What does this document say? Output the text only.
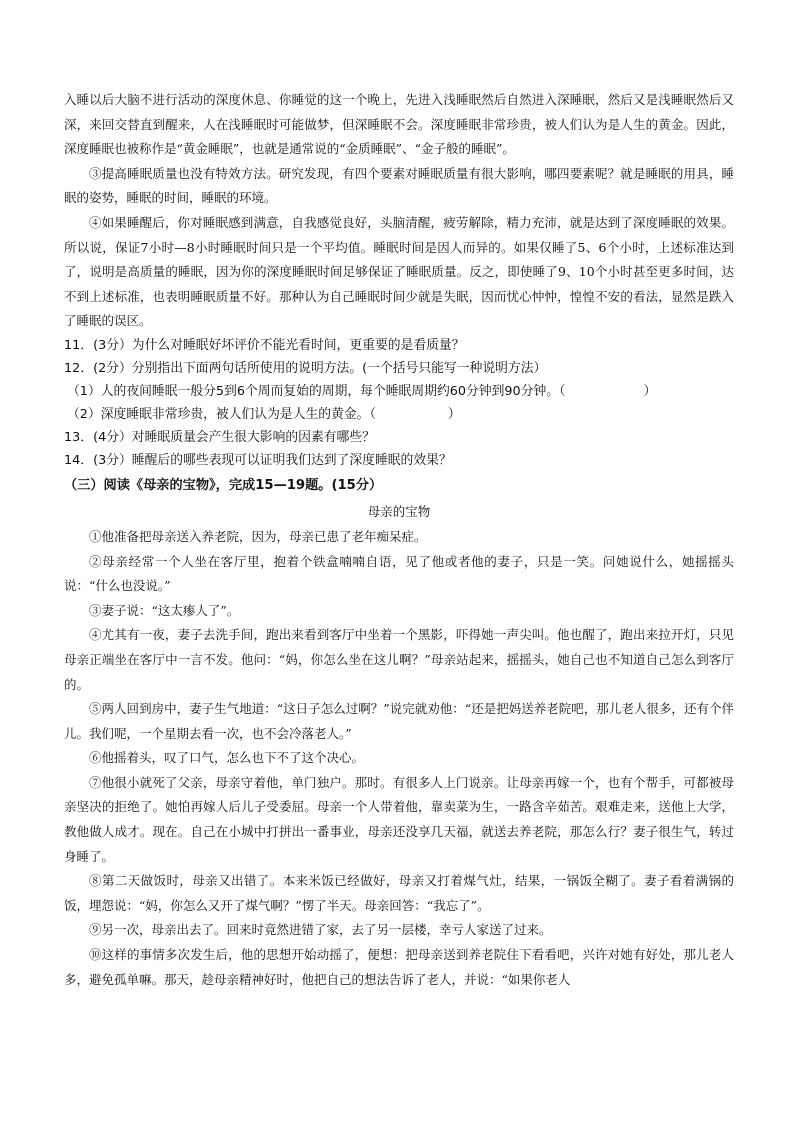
入睡以后大脑不进行活动的深度休息、你睡觉的这一个晚上，先进入浅睡眠然后自然进入深睡眠，然后又是浅睡眠然后又深，来回交替直到醒来，人在浅睡眠时可能做梦，但深睡眠不会。深度睡眠非常珍贵，被人们认为是人生的黄金。因此，深度睡眠也被称作是“黄金睡眠”，也就是通常说的“金质睡眠”、“金子般的睡眠”。

③提高睡眠质量也没有特效方法。研究发现，有四个要素对睡眠质量有很大影响，哪四要素呢？就是睡眠的用具，睡眠的姿势，睡眠的时间，睡眠的环境。

④如果睡醒后，你对睡眠感到满意，自我感觉良好，头脑清醒，疲劳解除，精力充沛，就是达到了深度睡眠的效果。所以说，保证7小时—8小时睡眠时间只是一个平均值。睡眠时间是因人而异的。如果仅睡了5、6个小时，上述标准达到了，说明是高质量的睡眠，因为你的深度睡眠时间足够保证了睡眠质量。反之，即使睡了9、10个小时甚至更多时间，达不到上述标准，也表明睡眠质量不好。那种认为自己睡眠时间少就是失眠，因而忧心忡忡，惶惶不安的看法，显然是跌入了睡眠的误区。

11．(3分）为什么对睡眠好坏评价不能光看时间，更重要的是看质量？
12．(2分）分别指出下面两句话所使用的说明方法。(一个括号只能写一种说明方法）
（1）人的夜间睡眠一般分5到6个周而复始的周期，每个睡眠周期约60分钟到90分钟。（	）
（2）深度睡眠非常珍贵，被人们认为是人生的黄金。（	）
13．(4分）对睡眠质量会产生很大影响的因素有哪些？
14．(3分）睡醒后的哪些表现可以证明我们达到了深度睡眠的效果？
（三）阅读《母亲的宝物》，完成15—19题。(15分）
母亲的宝物

①他准备把母亲送入养老院，因为，母亲已患了老年痴呆症。

②母亲经常一个人坐在客厅里，抱着个铁盒喃喃自语，见了他或者他的妻子，只是一笑。问她说什么，她摇摇头说：“什么也没说。”

③妻子说：“这太瘆人了”。

④尤其有一夜，妻子去洗手间，跑出来看到客厅中坐着一个黑影，吓得她一声尖叫。他也醒了，跑出来拉开灯，只见母亲正端坐在客厅中一言不发。他问：“妈，你怎么坐在这儿啊？”母亲站起来，摇摇头，她自己也不知道自己怎么到客厅的。

⑤两人回到房中，妻子生气地道：“这日子怎么过啊？”说完就劝他：“还是把妈送养老院吧，那儿老人很多，还有个伴儿。我们呢，一个星期去看一次，也不会冷落老人。”

⑥他摇着头，叹了口气，怎么也下不了这个决心。

⑦他很小就死了父亲，母亲守着他，单门独户。那时。有很多人上门说亲。让母亲再嫁一个，也有个帮手，可都被母亲坚决的拒绝了。她怕再嫁人后儿子受委屈。母亲一个人带着他，靠卖菜为生，一路含辛茹苦。艰难走来，送他上大学，教他做人成才。现在。自己在小城中打拼出一番事业，母亲还没享几天福，就送去养老院，那怎么行？妻子很生气，转过身睡了。

⑧第二天做饭时，母亲又出错了。本来米饭已经做好，母亲又打着煤气灶，结果，一锅饭全糊了。妻子看着满锅的饭，埋怨说：“妈，你怎么又开了煤气啊？”愣了半天。母亲回答：“我忘了”。

⑨另一次，母亲出去了。回来时竟然进错了家，去了另一层楼，幸亏人家送了过来。

⑩这样的事情多次发生后，他的思想开始动摇了，便想：把母亲送到养老院住下看看吧，兴许对她有好处，那儿老人多，避免孤单嘛。那天，趁母亲精神好时，他把自己的想法告诉了老人，并说：“如果你老人
